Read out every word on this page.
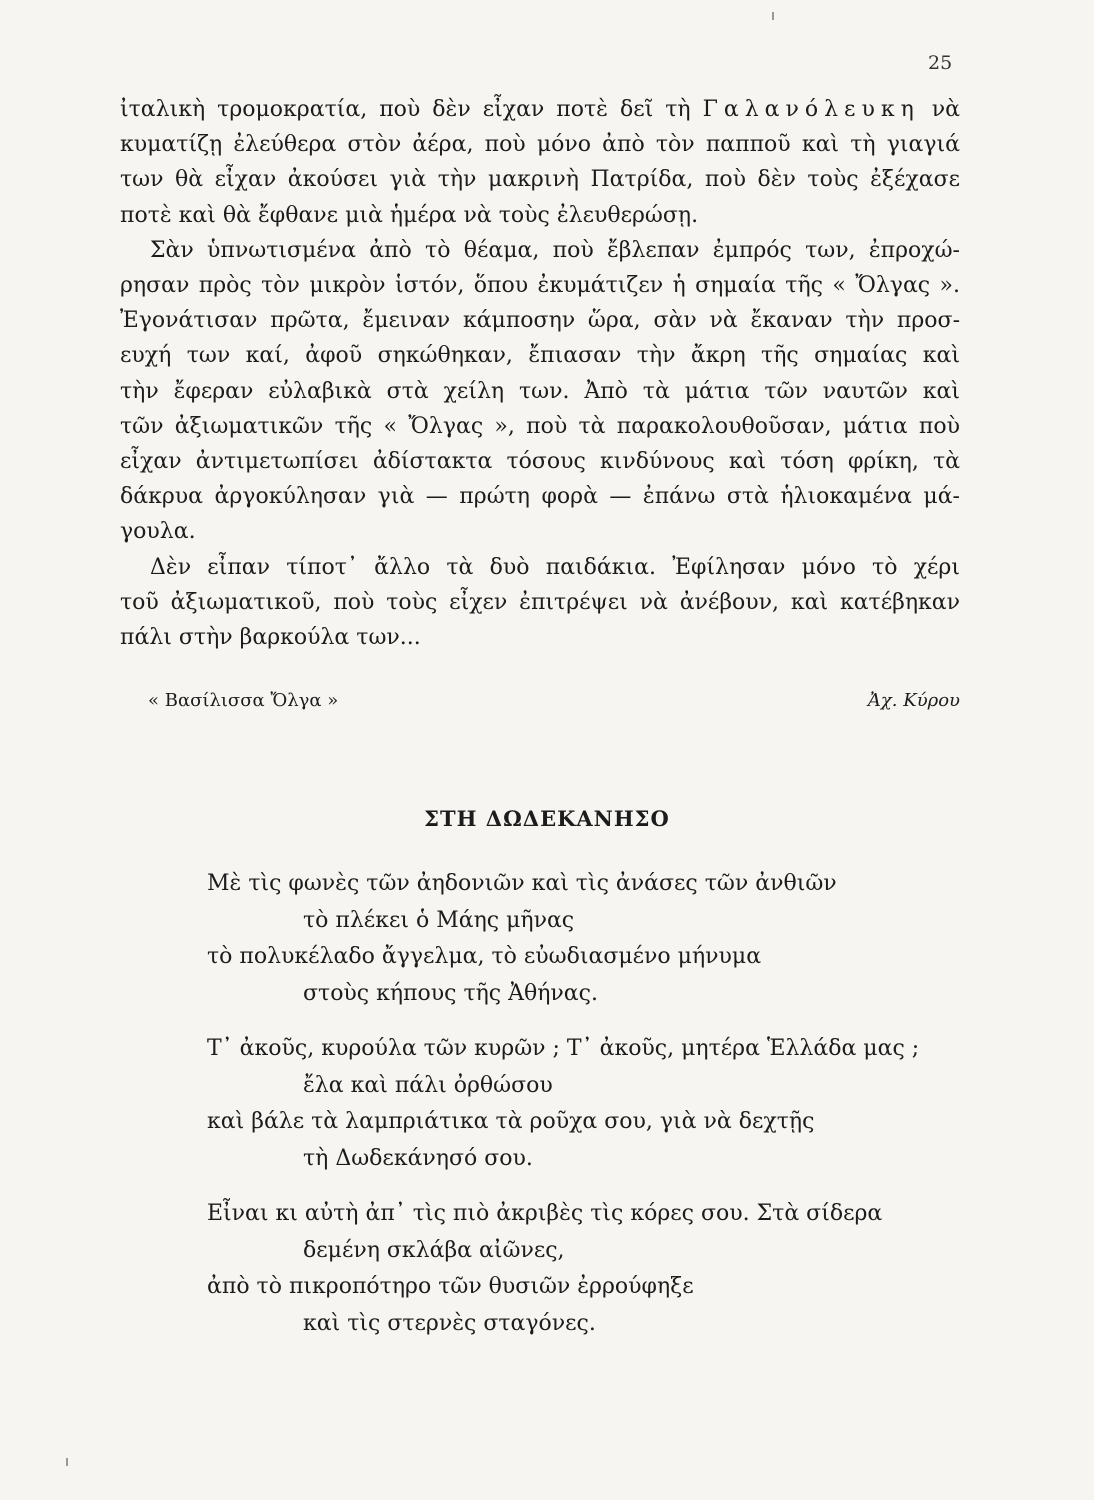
25

ἰταλικὴ τρομοκρατία, ποὺ δὲν εἶχαν ποτὲ δεῖ τὴ Γαλανόλευκη νὰ
κυματίζῃ ἐλεύθερα στὸν ἀέρα, ποὺ μόνο ἀπὸ τὸν παπποῦ καὶ τὴ γιαγιά
των θὰ εἶχαν ἀκούσει γιὰ τὴν μακρινὴ Πατρίδα, ποὺ δὲν τοὺς ἐξέχασε
ποτὲ καὶ θὰ ἔφθανε μιὰ ἡμέρα νὰ τοὺς ἐλευθερώσῃ.

Σὰν ὑπνωτισμένα ἀπὸ τὸ θέαμα, ποὺ ἔβλεπαν ἐμπρός των, ἐπροχώ-
ρησαν πρὸς τὸν μικρὸν ἱστόν, ὅπου ἐκυμάτιζεν ἡ σημαία τῆς « Ὄλγας ».
Ἐγονάτισαν πρῶτα, ἔμειναν κάμποσην ὥρα, σὰν νὰ ἔκαναν τὴν προσ-
ευχή των καί, ἀφοῦ σηκώθηκαν, ἔπιασαν τὴν ἄκρη τῆς σημαίας καὶ
τὴν ἔφεραν εὐλαβικὰ στὰ χείλη των. Ἀπὸ τὰ μάτια τῶν ναυτῶν καὶ
τῶν ἀξιωματικῶν τῆς « Ὄλγας », ποὺ τὰ παρακολουθοῦσαν, μάτια ποὺ
εἶχαν ἀντιμετωπίσει ἀδίστακτα τόσους κινδύνους καὶ τόση φρίκη, τὰ
δάκρυα ἀργοκύλησαν γιὰ — πρώτη φορὰ — ἐπάνω στὰ ἡλιοκαμένα μά-
γουλα.

Δὲν εἶπαν τίποτ᾽ ἄλλο τὰ δυὸ παιδάκια. Ἐφίλησαν μόνο τὸ χέρι
τοῦ ἀξιωματικοῦ, ποὺ τοὺς εἶχεν ἐπιτρέψει νὰ ἀνέβουν, καὶ κατέβηκαν
πάλι στὴν βαρκούλα των...

« Βασίλισσα Ὄλγα »	Ἀχ. Κύρου
ΣΤΗ ΔΩΔΕΚΑΝΗΣΟ
Μὲ τὶς φωνὲς τῶν ἀηδονιῶν καὶ τὶς ἀνάσες τῶν ἀνθιῶν
τὸ πλέκει ὁ Μάης μῆνας
τὸ πολυκέλαδο ἄγγελμα, τὸ εὐωδιασμένο μήνυμα
στοὺς κήπους τῆς Ἀθήνας.
Τ᾽ ἀκοῦς, κυρούλα τῶν κυρῶν ; Τ᾽ ἀκοῦς, μητέρα Ἑλλάδα μας ;
ἔλα καὶ πάλι ὀρθώσου
καὶ βάλε τὰ λαμπριάτικα τὰ ροῦχα σου, γιὰ νὰ δεχτῇς
τὴ Δωδεκάνησό σου.
Εἶναι κι αὐτὴ ἀπ᾽ τὶς πιὸ ἀκριβὲς τὶς κόρες σου. Στὰ σίδερα
δεμένη σκλάβα αἰῶνες,
ἀπὸ τὸ πικροπότηρο τῶν θυσιῶν ἐρρούφηξε
καὶ τὶς στερνὲς σταγόνες.
